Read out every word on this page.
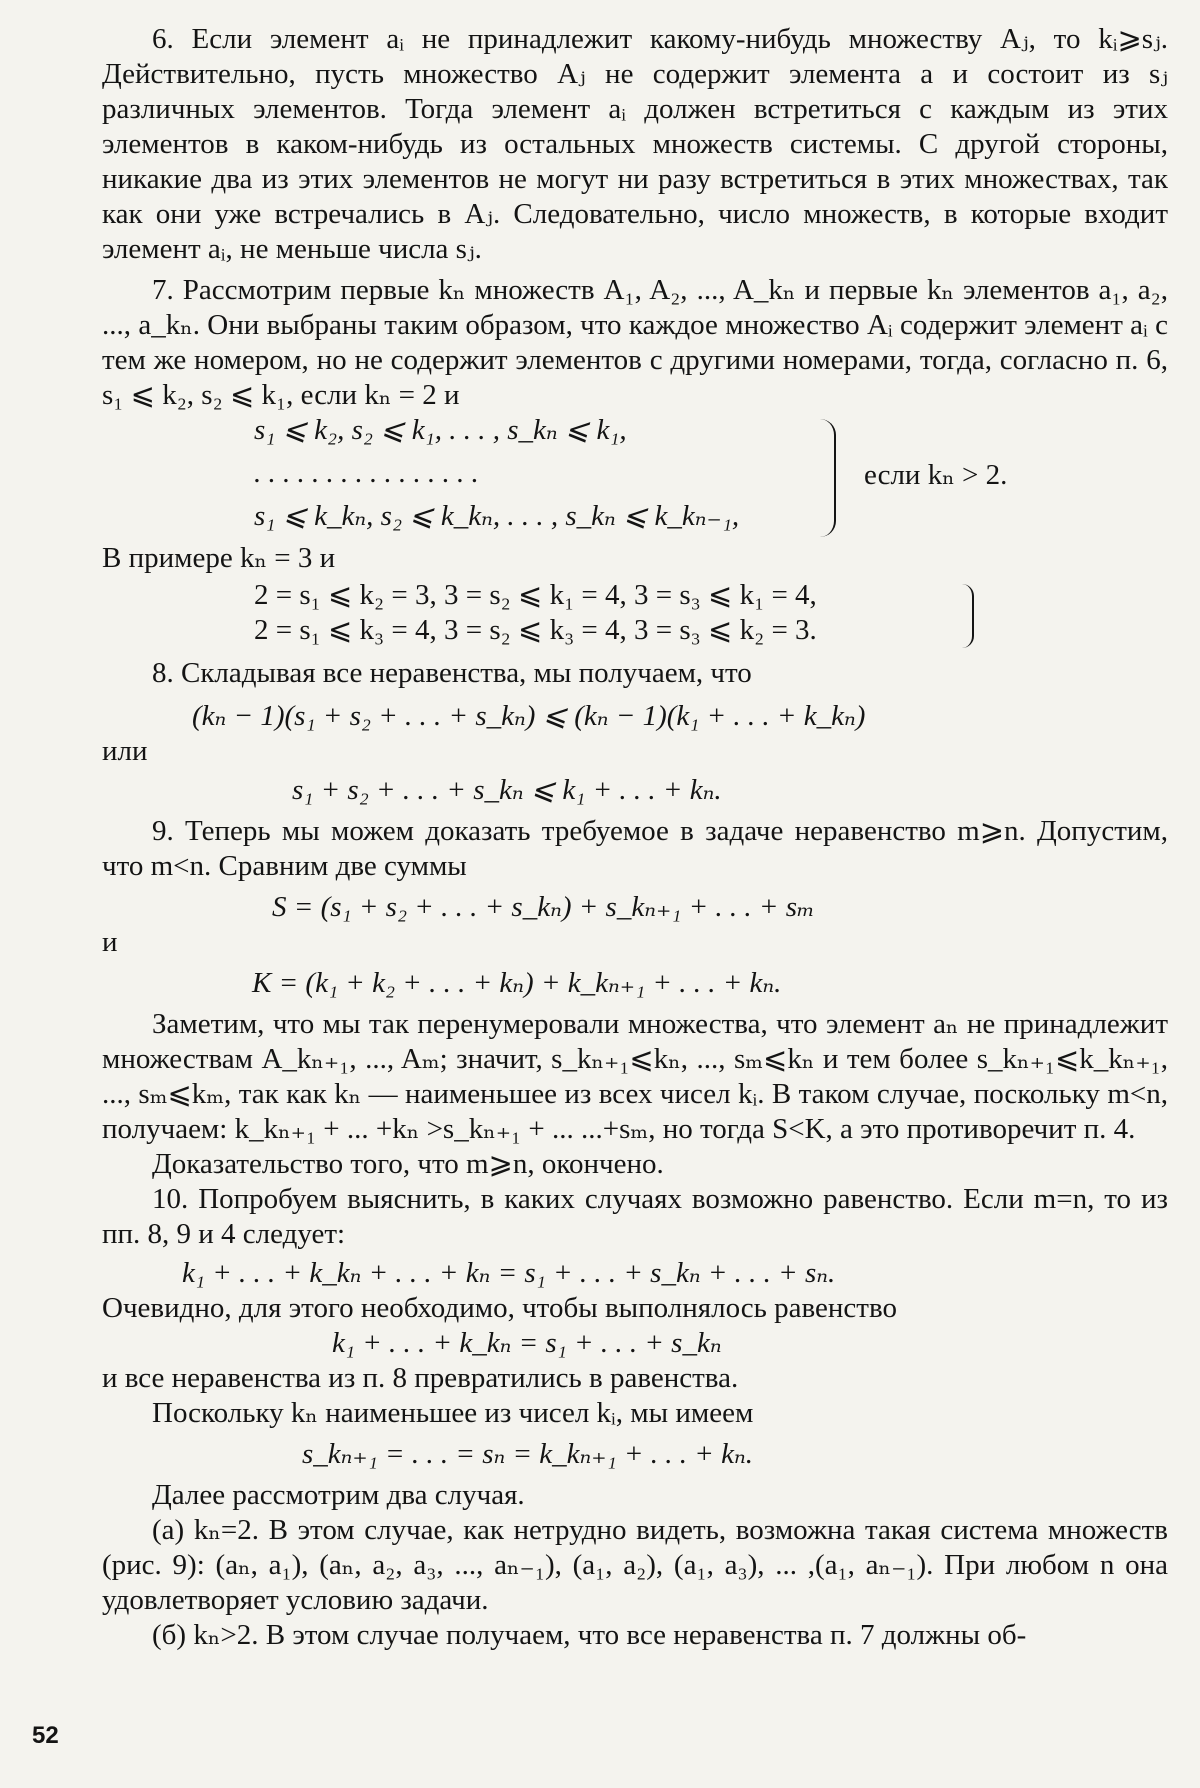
6. Если элемент aᵢ не принадлежит какому-нибудь множеству Aⱼ, то kᵢ⩾sⱼ. Действительно, пусть множество Aⱼ не содержит элемента a и состоит из sⱼ различных элементов. Тогда элемент aᵢ должен встретиться с каждым из этих элементов в каком-нибудь из остальных множеств системы. С другой стороны, никакие два из этих элементов не могут ни разу встретиться в этих множествах, так как они уже встречались в Aⱼ. Следовательно, число множеств, в которые входит элемент aᵢ, не меньше числа sⱼ.

7. Рассмотрим первые kₙ множеств A₁, A₂, ..., A_kₙ и первые kₙ элементов a₁, a₂, ..., a_kₙ. Они выбраны таким образом, что каждое множество Aᵢ содержит элемент aᵢ с тем же номером, но не содержит элементов с другими номерами, тогда, согласно п. 6, s₁ ⩽ k₂, s₂ ⩽ k₁, если kₙ = 2 и

s₁ ⩽ k₂, s₂ ⩽ k₁, . . . , s_kₙ ⩽ k₁,

. . . . . . . . . . . . . . . .

s₁ ⩽ k_kₙ, s₂ ⩽ k_kₙ, . . . , s_kₙ ⩽ k_kₙ₋₁,

если kₙ > 2.

В примере kₙ = 3 и

2 = s₁ ⩽ k₂ = 3, 3 = s₂ ⩽ k₁ = 4, 3 = s₃ ⩽ k₁ = 4,

2 = s₁ ⩽ k₃ = 4, 3 = s₂ ⩽ k₃ = 4, 3 = s₃ ⩽ k₂ = 3.

8. Складывая все неравенства, мы получаем, что

(kₙ − 1)(s₁ + s₂ + . . . + s_kₙ) ⩽ (kₙ − 1)(k₁ + . . . + k_kₙ)

или

s₁ + s₂ + . . . + s_kₙ ⩽ k₁ + . . . + kₙ.

9. Теперь мы можем доказать требуемое в задаче неравенство m⩾n. Допустим, что m<n. Сравним две суммы

S = (s₁ + s₂ + . . . + s_kₙ) + s_kₙ₊₁ + . . . + sₘ

и

K = (k₁ + k₂ + . . . + kₙ) + k_kₙ₊₁ + . . . + kₙ.

Заметим, что мы так перенумеровали множества, что элемент aₙ не принадлежит множествам A_kₙ₊₁, ..., Aₘ; значит, s_kₙ₊₁⩽kₙ, ..., sₘ⩽kₙ и тем более s_kₙ₊₁⩽k_kₙ₊₁, ..., sₘ⩽kₘ, так как kₙ — наименьшее из всех чисел kᵢ. В таком случае, поскольку m<n, получаем: k_kₙ₊₁ + ... +kₙ >s_kₙ₊₁ + ... ...+sₘ, но тогда S<K, а это противоречит п. 4.

Доказательство того, что m⩾n, окончено.

10. Попробуем выяснить, в каких случаях возможно равенство. Если m=n, то из пп. 8, 9 и 4 следует:

k₁ + . . . + k_kₙ + . . . + kₙ = s₁ + . . . + s_kₙ + . . . + sₙ.

Очевидно, для этого необходимо, чтобы выполнялось равенство

k₁ + . . . + k_kₙ = s₁ + . . . + s_kₙ

и все неравенства из п. 8 превратились в равенства.

Поскольку kₙ наименьшее из чисел kᵢ, мы имеем

s_kₙ₊₁ = . . . = sₙ = k_kₙ₊₁ + . . . + kₙ.

Далее рассмотрим два случая.

(а) kₙ=2. В этом случае, как нетрудно видеть, возможна такая система множеств (рис. 9): (aₙ, a₁), (aₙ, a₂, a₃, ..., aₙ₋₁), (a₁, a₂), (a₁, a₃), ... ,(a₁, aₙ₋₁). При любом n она удовлетворяет условию задачи.

(б) kₙ>2. В этом случае получаем, что все неравенства п. 7 должны об-

52
